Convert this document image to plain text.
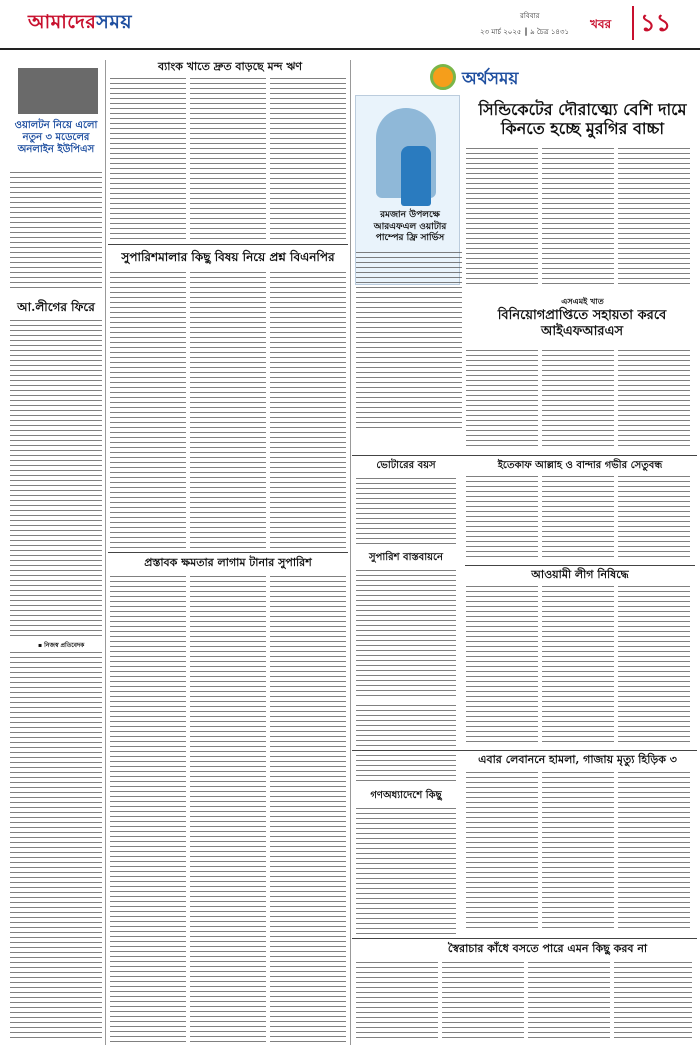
আমাদেরসময়	রবিবার
২৩ মার্চ ২০২৫ ║ ৯ চৈত্র ১৪৩১
খবর	১১
ওয়ালটন নিয়ে এলো নতুন ৩ মডেলের অনলাইন ইউপিএস
আ.লীগের ফিরে
▪ নিজস্ব প্রতিবেদক
ব্যাংক খাতে দ্রুত বাড়ছে মন্দ ঋণ
সুপারিশমালার কিছু বিষয় নিয়ে প্রশ্ন বিএনপির
প্রস্তাবক ক্ষমতার লাগাম টানার সুপারিশ
অর্থসময়
রমজান উপলক্ষে আরএফএল ওয়াটার পাম্পের ফ্রি সার্ভিস
সিন্ডিকেটের দৌরাত্ম্যে বেশি দামে কিনতে হচ্ছে মুরগির বাচ্চা
এসএমই খাত
বিনিয়োগপ্রাপ্তিতে সহায়তা করবে আইএফআরএস
ভোটারের বয়স	ইতেকাফ আল্লাহ ও বান্দার গভীর সেতুবন্ধ
সুপারিশ বাস্তবায়নে
আওয়ামী লীগ নিষিদ্ধে
এবার লেবাননে হামলা, গাজায় মৃত্যু হিড়িক ৩
গণঅধ্যাদেশে কিছু
স্বৈরাচার কাঁধে বসতে পারে এমন কিছু করব না
